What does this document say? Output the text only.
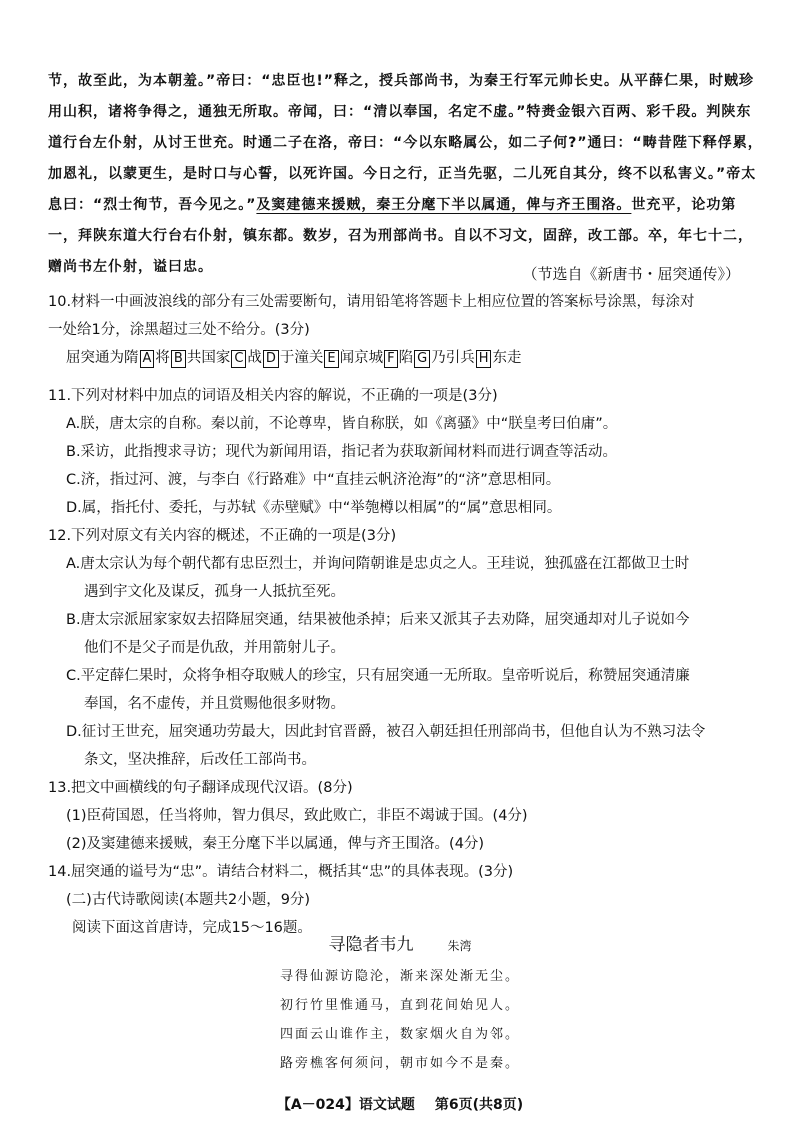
节，故至此，为本朝羞。”帝曰：“忠臣也!”释之，授兵部尚书，为秦王行军元帅长史。从平薛仁果，时贼珍
用山积，诸将争得之，通独无所取。帝闻，曰：“清以奉国，名定不虚。”特赉金银六百两、彩千段。判陕东
道行台左仆射，从讨王世充。时通二子在洛，帝曰：“今以东略属公，如二子何?”通曰：“畴昔陛下释俘累，
加恩礼，以蒙更生，是时口与心誓，以死许国。今日之行，正当先驱，二儿死自其分，终不以私害义。”帝太
息曰：“烈士徇节，吾今见之。”及窦建德来援贼，秦王分麾下半以属通，俾与齐王围洛。世充平，论功第
一，拜陕东道大行台右仆射，镇东都。数岁，召为刑部尚书。自以不习文，固辞，改工部。卒，年七十二，
赠尚书左仆射，谥曰忠。	（节选自《新唐书・屈突通传》）
10.材料一中画波浪线的部分有三处需要断句，请用铅笔将答题卡上相应位置的答案标号涂黑，每涂对
一处给1分，涂黑超过三处不给分。(3分)
屈突通为隋 A 将 B 共国家 C 战 D 于潼关 E 闻京城 F 陷 G 乃引兵 H 东走
11.下列对材料中加点的词语及相关内容的解说，不正确的一项是(3分)
A.朕，唐太宗的自称。秦以前，不论尊卑，皆自称朕，如《离骚》中“朕皇考曰伯庸”。
B.采访，此指搜求寻访；现代为新闻用语，指记者为获取新闻材料而进行调查等活动。
C.济，指过河、渡，与李白《行路难》中“直挂云帆济沧海”的“济”意思相同。
D.属，指托付、委托，与苏轼《赤壁赋》中“举匏樽以相属”的“属”意思相同。
12.下列对原文有关内容的概述，不正确的一项是(3分)
A.唐太宗认为每个朝代都有忠臣烈士，并询问隋朝谁是忠贞之人。王珪说，独孤盛在江都做卫士时
遇到宇文化及谋反，孤身一人抵抗至死。
B.唐太宗派屈家家奴去招降屈突通，结果被他杀掉；后来又派其子去劝降，屈突通却对儿子说如今
他们不是父子而是仇敌，并用箭射儿子。
C.平定薛仁果时，众将争相夺取贼人的珍宝，只有屈突通一无所取。皇帝听说后，称赞屈突通清廉
奉国，名不虚传，并且赏赐他很多财物。
D.征讨王世充，屈突通功劳最大，因此封官晋爵，被召入朝廷担任刑部尚书，但他自认为不熟习法令
条文，坚决推辞，后改任工部尚书。
13.把文中画横线的句子翻译成现代汉语。(8分)
(1)臣荷国恩，任当将帅，智力俱尽，致此败亡，非臣不竭诚于国。(4分)
(2)及窦建德来援贼，秦王分麾下半以属通，俾与齐王围洛。(4分)
14.屈突通的谥号为“忠”。请结合材料二，概括其“忠”的具体表现。(3分)
(二)古代诗歌阅读(本题共2小题，9分)
阅读下面这首唐诗，完成15～16题。
寻隐者韦九	朱湾
寻得仙源访隐沦，渐来深处渐无尘。
初行竹里惟通马，直到花间始见人。
四面云山谁作主，数家烟火自为邻。
路旁樵客何须问，朝市如今不是秦。
【A－024】语文试题 第6页(共8页)
